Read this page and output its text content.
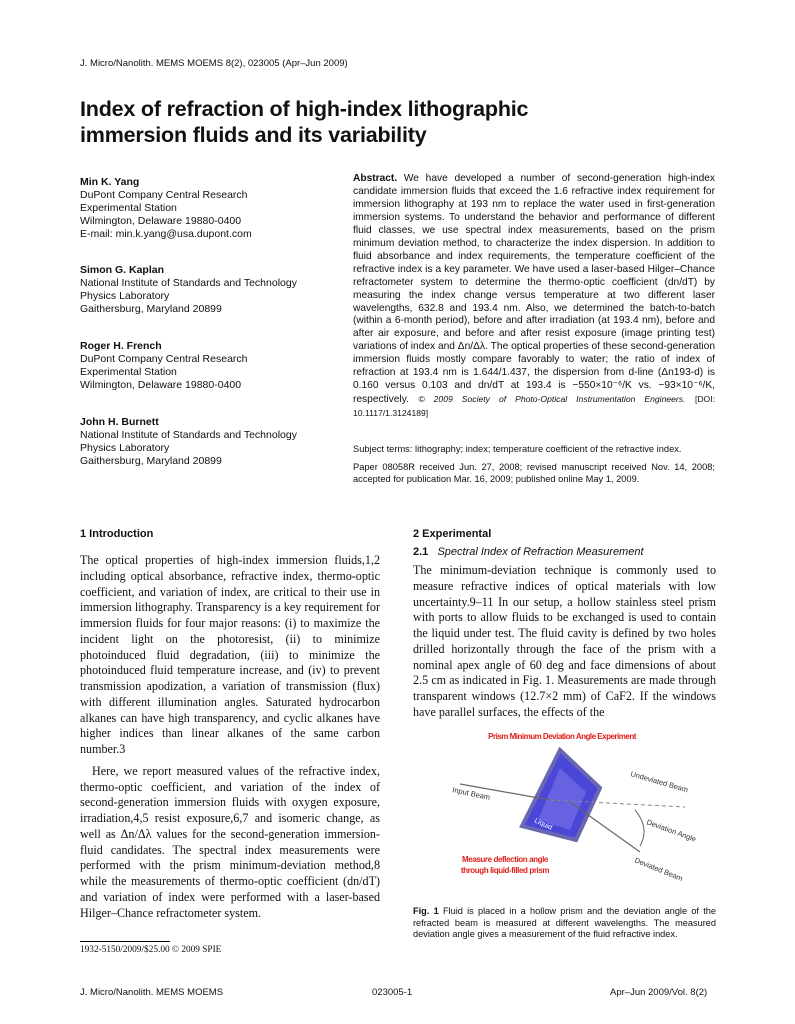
J. Micro/Nanolith. MEMS MOEMS 8(2), 023005 (Apr–Jun 2009)
Index of refraction of high-index lithographic immersion fluids and its variability
Min K. Yang
DuPont Company Central Research
Experimental Station
Wilmington, Delaware 19880-0400
E-mail: min.k.yang@usa.dupont.com
Simon G. Kaplan
National Institute of Standards and Technology
Physics Laboratory
Gaithersburg, Maryland 20899
Roger H. French
DuPont Company Central Research
Experimental Station
Wilmington, Delaware 19880-0400
John H. Burnett
National Institute of Standards and Technology
Physics Laboratory
Gaithersburg, Maryland 20899
Abstract. We have developed a number of second-generation high-index candidate immersion fluids that exceed the 1.6 refractive index requirement for immersion lithography at 193 nm to replace the water used in first-generation immersion systems. To understand the behavior and performance of different fluid classes, we use spectral index measurements, based on the prism minimum deviation method, to characterize the index dispersion. In addition to fluid absorbance and index requirements, the temperature coefficient of the refractive index is a key parameter. We have used a laser-based Hilger–Chance refractometer system to determine the thermo-optic coefficient (dn/dT) by measuring the index change versus temperature at two different laser wavelengths, 632.8 and 193.4 nm. Also, we determined the batch-to-batch (within a 6-month period), before and after irradiation (at 193.4 nm), before and after air exposure, and before and after resist exposure (image printing test) variations of index and Δn/Δλ. The optical properties of these second-generation immersion fluids mostly compare favorably to water; the ratio of index of refraction at 193.4 nm is 1.644/1.437, the dispersion from d-line (Δn193-d) is 0.160 versus 0.103 and dn/dT at 193.4 is −550×10⁻⁶/K vs. −93×10⁻⁶/K, respectively. © 2009 Society of Photo-Optical Instrumentation Engineers. [DOI: 10.1117/1.3124189]
Subject terms: lithography; index; temperature coefficient of the refractive index.
Paper 08058R received Jun. 27, 2008; revised manuscript received Nov. 14, 2008; accepted for publication Mar. 16, 2009; published online May 1, 2009.
1 Introduction

The optical properties of high-index immersion fluids,1,2 including optical absorbance, refractive index, thermo-optic coefficient, and variation of index, are critical to their use in immersion lithography. Transparency is a key requirement for immersion fluids for four major reasons: (i) to maximize the incident light on the photoresist, (ii) to minimize photoinduced fluid degradation, (iii) to minimize the photoinduced fluid temperature increase, and (iv) to prevent transmission apodization, a variation of transmission (flux) with different illumination angles. Saturated hydrocarbon alkanes can have high transparency, and cyclic alkanes have higher indices than linear alkanes of the same carbon number.3

Here, we report measured values of the refractive index, thermo-optic coefficient, and variation of the index of second-generation immersion fluids with oxygen exposure, irradiation,4,5 resist exposure,6,7 and isomeric change, as well as Δn/Δλ values for the second-generation immersion-fluid candidates. The spectral index measurements were performed with the prism minimum-deviation method,8 while the measurements of thermo-optic coefficient (dn/dT) and variation of index were performed with a laser-based Hilger–Chance refractometer system.

2 Experimental
2.1 Spectral Index of Refraction Measurement

The minimum-deviation technique is commonly used to measure refractive indices of optical materials with low uncertainty.9–11 In our setup, a hollow stainless steel prism with ports to allow fluids to be exchanged is used to contain the liquid under test. The fluid cavity is defined by two holes drilled horizontally through the face of the prism with a nominal apex angle of 60 deg and face dimensions of about 2.5 cm as indicated in Fig. 1. Measurements are made through transparent windows (12.7×2 mm) of CaF2. If the windows have parallel surfaces, the effects of the

Prism Minimum Deviation Angle Experiment
Input Beam	Undeviated Beam
Deviation Angle
Deviated Beam
Liquid
Measure deflection angle through liquid-filled prism
Fig. 1 Fluid is placed in a hollow prism and the deviation angle of the refracted beam is measured at different wavelengths. The measured deviation angle gives a measurement of the fluid refractive index.
1932-5150/2009/$25.00 © 2009 SPIE
J. Micro/Nanolith. MEMS MOEMS	023005-1	Apr–Jun 2009/Vol. 8(2)
